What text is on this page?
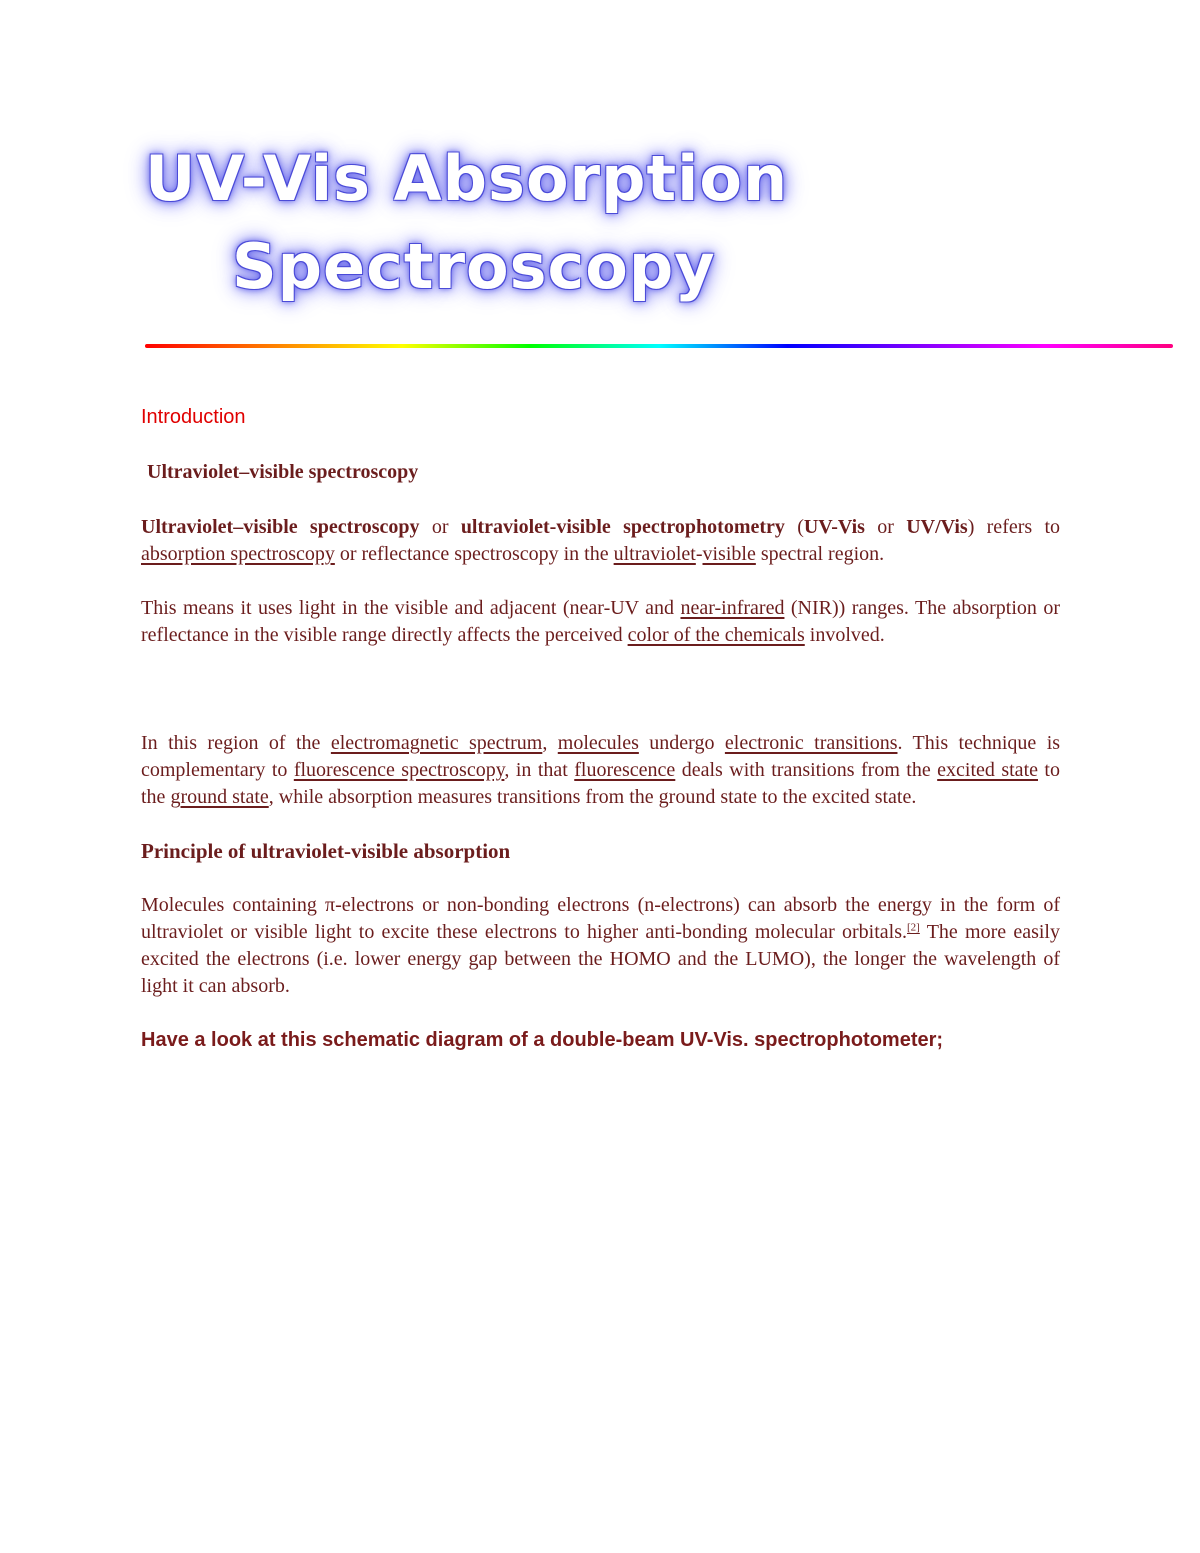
UV-Vis Absorption
Spectroscopy

Introduction

Ultraviolet–visible spectroscopy

Ultraviolet–visible spectroscopy or ultraviolet-visible spectrophotometry (UV-Vis or UV/Vis) refers to absorption spectroscopy or reflectance spectroscopy in the ultraviolet-visible spectral region.

This means it uses light in the visible and adjacent (near-UV and near-infrared (NIR)) ranges. The absorption or reflectance in the visible range directly affects the perceived color of the chemicals involved.

In this region of the electromagnetic spectrum, molecules undergo electronic transitions. This technique is complementary to fluorescence spectroscopy, in that fluorescence deals with transitions from the excited state to the ground state, while absorption measures transitions from the ground state to the excited state.

Principle of ultraviolet-visible absorption

Molecules containing π-electrons or non-bonding electrons (n-electrons) can absorb the energy in the form of ultraviolet or visible light to excite these electrons to higher anti-bonding molecular orbitals.[2] The more easily excited the electrons (i.e. lower energy gap between the HOMO and the LUMO), the longer the wavelength of light it can absorb.

Have a look at this schematic diagram of a double-beam UV-Vis. spectrophotometer;
